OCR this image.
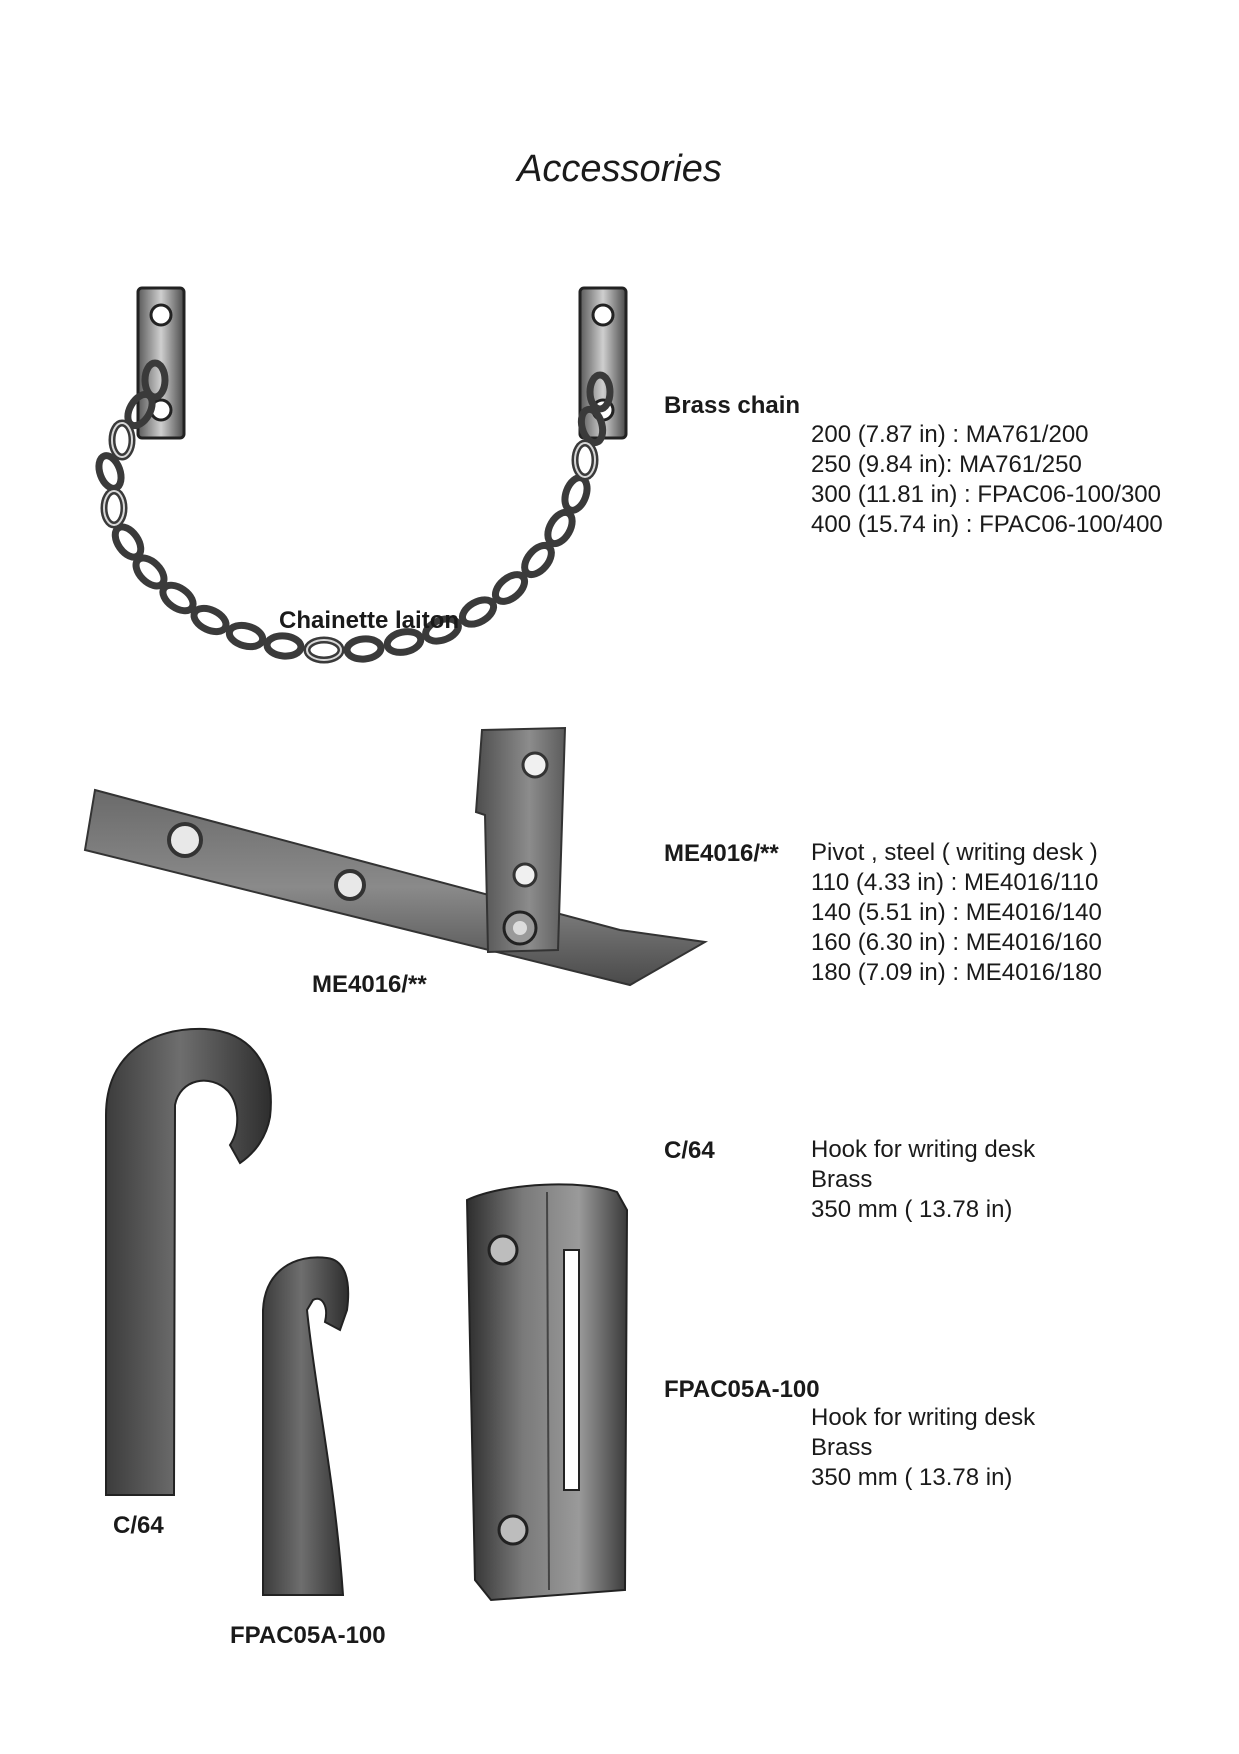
Accessories
Chainette laiton
Brass chain
200 (7.87 in) : MA761/200
250 (9.84 in): MA761/250
300 (11.81 in) : FPAC06-100/300
400 (15.74 in) : FPAC06-100/400
ME4016/**
ME4016/** Pivot , steel ( writing desk )
110 (4.33 in) : ME4016/110
140 (5.51 in) : ME4016/140
160 (6.30 in) : ME4016/160
180 (7.09 in) : ME4016/180
C/64
FPAC05A-100
C/64	Hook for writing desk
Brass
350 mm ( 13.78 in)
FPAC05A-100
Hook for writing desk
Brass
350 mm ( 13.78 in)
